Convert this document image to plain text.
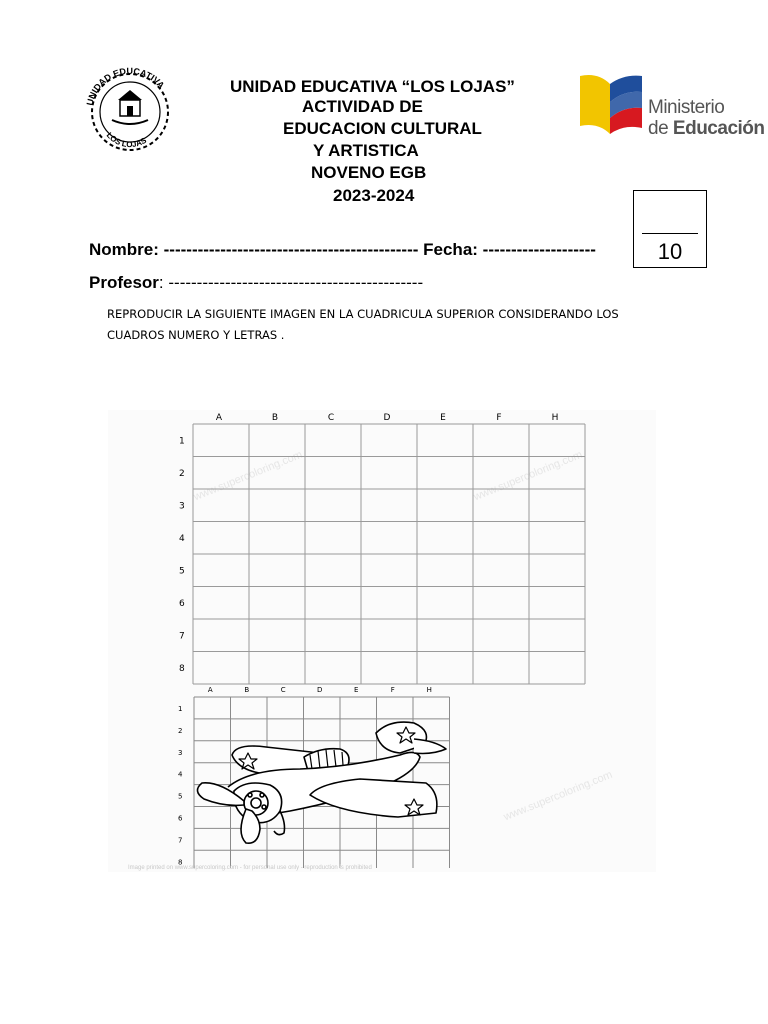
UNIDAD EDUCATIVA
LOS LOJAS
UNIDAD EDUCATIVA “LOS LOJAS”
ACTIVIDAD DE
EDUCACION CULTURAL
Y ARTISTICA
NOVENO EGB
2023-2024
Ministerio
de Educación
10
Nombre: --------------------------------------------- Fecha: --------------------
Profesor: ---------------------------------------------
REPRODUCIR LA SIGUIENTE IMAGEN EN LA CUADRICULA SUPERIOR CONSIDERANDO LOS CUADROS NUMERO Y LETRAS .
www.supercoloring.com	www.supercoloring.com
www.supercoloring.com
A	B	C	D	E	F	H
1
2
3
4
5
6
7
8
A	B	C	D	E	F	H
1
2
3
4
5
6
7
8
Image printed on www.supercoloring.com - for personal use only - reproduction is prohibited
